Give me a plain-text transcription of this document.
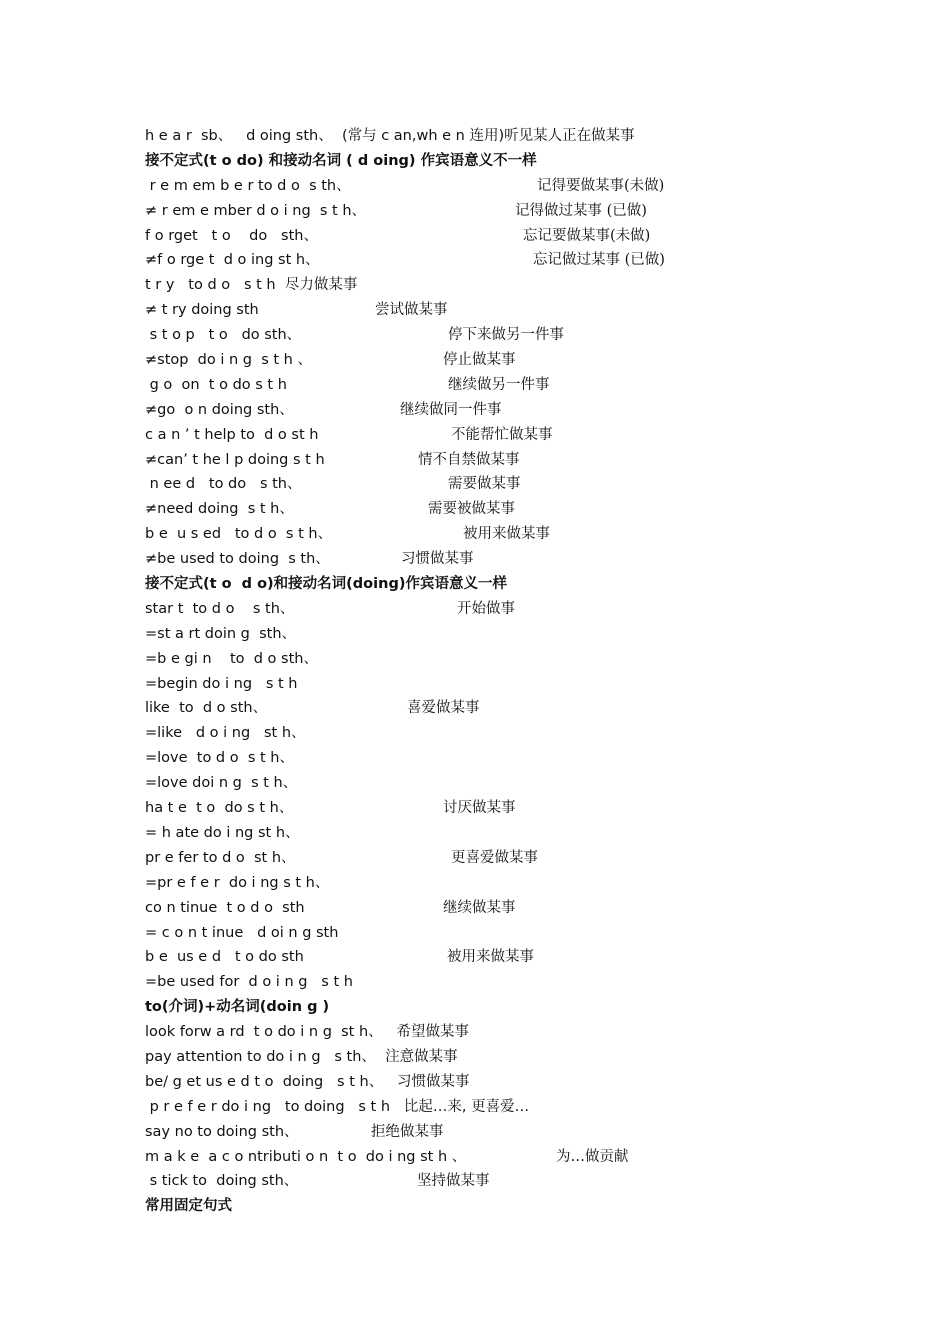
h e a r  sb、   d oing sth、  (常与 c an,wh e n 连用)听见某人正在做某事
接不定式(t o do) 和接动名词 ( d oing) 作宾语意义不一样
r e m em b e r to d o  s th、	记得要做某事(未做)
≠ r em e mber d o i ng  s t h、	记得做过某事 (已做)
f o rget   t o    do   sth、	忘记要做某事(未做)
≠f o rge t  d o ing st h、	忘记做过某事 (已做)
t r y   to d o   s t h  尽力做某事
≠ t ry doing sth	尝试做某事
s t o p   t o   do sth、	停下来做另一件事
≠stop  do i n g  s t h 、	停止做某事
g o  on  t o do s t h	继续做另一件事
≠go  o n doing sth、	继续做同一件事
c a n ’ t help to  d o st h	不能帮忙做某事
≠can’ t he l p doing s t h	情不自禁做某事
n ee d   to do   s th、	需要做某事
≠need doing  s t h、	需要被做某事
b e  u s ed   to d o  s t h、	被用来做某事
≠be used to doing  s th、	习惯做某事
接不定式(t o  d o)和接动名词(doing)作宾语意义一样
star t  to d o    s th、	开始做事
=st a rt doin g  sth、
=b e gi n    to  d o sth、
=begin do i ng   s t h
like  to  d o sth、	喜爱做某事
=like   d o i ng   st h、
=love  to d o  s t h、
=love doi n g  s t h、
ha t e  t o  do s t h、	讨厌做某事
= h ate do i ng st h、
pr e fer to d o  st h、	更喜爱做某事
=pr e f e r  do i ng s t h、
co n tinue  t o d o  sth	继续做某事
= c o n t inue   d oi n g sth
b e  us e d   t o do sth	被用来做某事
=be used for  d o i n g   s t h
to(介词)+动名词(doin g )
look forw a rd  t o do i n g  st h、   希望做某事
pay attention to do i n g   s th、  注意做某事
be/ g et us e d t o  doing   s t h、   习惯做某事
p r e f e r do i ng   to doing   s t h   比起…来, 更喜爱…
say no to doing sth、	拒绝做某事
m a k e  a c o ntributi o n  t o  do i ng st h 、	为…做贡献
s tick to  doing sth、	坚持做某事
常用固定句式
